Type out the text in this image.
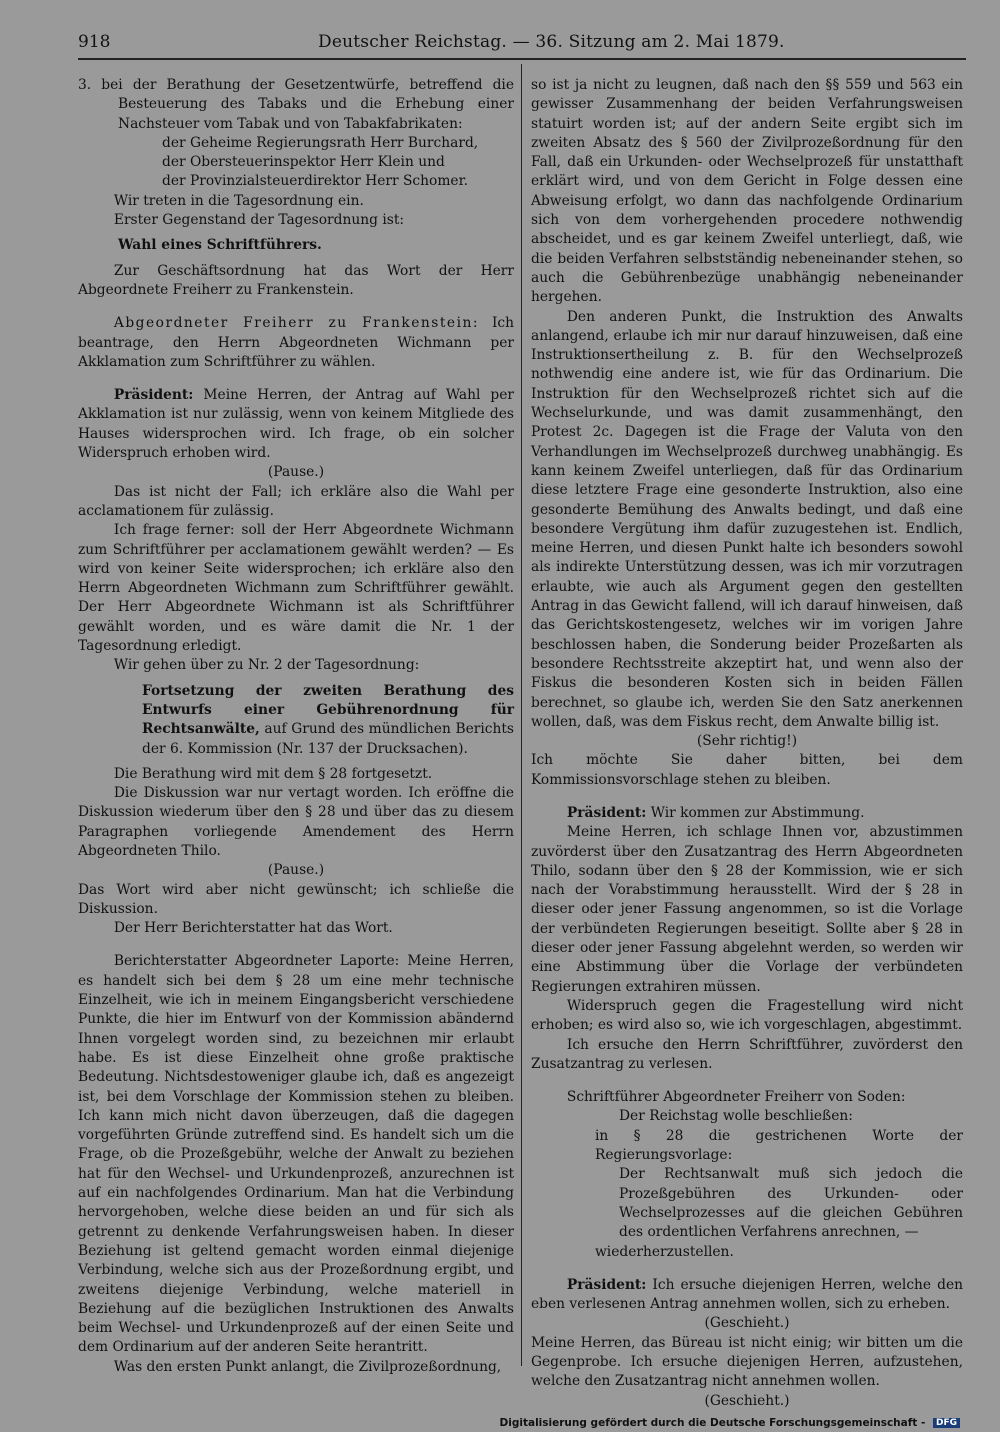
918	Deutscher Reichstag. — 36. Sitzung am 2. Mai 1879.

3. bei der Berathung der Gesetzentwürfe, betreffend die Besteuerung des Tabaks und die Erhebung einer Nachsteuer vom Tabak und von Tabakfabrikaten:

der Geheime Regierungsrath Herr Burchard,

der Obersteuerinspektor Herr Klein und

der Provinzialsteuerdirektor Herr Schomer.

Wir treten in die Tagesordnung ein.

Erster Gegenstand der Tagesordnung ist:

Wahl eines Schriftführers.

Zur Geschäftsordnung hat das Wort der Herr Abgeordnete Freiherr zu Frankenstein.

Abgeordneter Freiherr zu Frankenstein: Ich beantrage, den Herrn Abgeordneten Wichmann per Akklamation zum Schriftführer zu wählen.

Präsident: Meine Herren, der Antrag auf Wahl per Akklamation ist nur zulässig, wenn von keinem Mitgliede des Hauses widersprochen wird. Ich frage, ob ein solcher Widerspruch erhoben wird.

(Pause.)

Das ist nicht der Fall; ich erkläre also die Wahl per acclamationem für zulässig.

Ich frage ferner: soll der Herr Abgeordnete Wichmann zum Schriftführer per acclamationem gewählt werden? — Es wird von keiner Seite widersprochen; ich erkläre also den Herrn Abgeordneten Wichmann zum Schriftführer gewählt. Der Herr Abgeordnete Wichmann ist als Schriftführer gewählt worden, und es wäre damit die Nr. 1 der Tagesordnung erledigt.

Wir gehen über zu Nr. 2 der Tagesordnung:

Fortsetzung der zweiten Berathung des Entwurfs einer Gebührenordnung für Rechtsanwälte, auf Grund des mündlichen Berichts der 6. Kommission (Nr. 137 der Drucksachen).

Die Berathung wird mit dem § 28 fortgesetzt.

Die Diskussion war nur vertagt worden. Ich eröffne die Diskussion wiederum über den § 28 und über das zu diesem Paragraphen vorliegende Amendement des Herrn Abgeordneten Thilo.

(Pause.)

Das Wort wird aber nicht gewünscht; ich schließe die Diskussion.

Der Herr Berichterstatter hat das Wort.

Berichterstatter Abgeordneter Laporte: Meine Herren, es handelt sich bei dem § 28 um eine mehr technische Einzelheit, wie ich in meinem Eingangsbericht verschiedene Punkte, die hier im Entwurf von der Kommission abändernd Ihnen vorgelegt worden sind, zu bezeichnen mir erlaubt habe. Es ist diese Einzelheit ohne große praktische Bedeutung. Nichtsdestoweniger glaube ich, daß es angezeigt ist, bei dem Vorschlage der Kommission stehen zu bleiben. Ich kann mich nicht davon überzeugen, daß die dagegen vorgeführten Gründe zutreffend sind. Es handelt sich um die Frage, ob die Prozeßgebühr, welche der Anwalt zu beziehen hat für den Wechsel- und Urkundenprozeß, anzurechnen ist auf ein nachfolgendes Ordinarium. Man hat die Verbindung hervorgehoben, welche diese beiden an und für sich als getrennt zu denkende Verfahrungsweisen haben. In dieser Beziehung ist geltend gemacht worden einmal diejenige Verbindung, welche sich aus der Prozeßordnung ergibt, und zweitens diejenige Verbindung, welche materiell in Beziehung auf die bezüglichen Instruktionen des Anwalts beim Wechsel- und Urkundenprozeß auf der einen Seite und dem Ordinarium auf der anderen Seite herantritt.

Was den ersten Punkt anlangt, die Zivilprozeßordnung,

so ist ja nicht zu leugnen, daß nach den §§ 559 und 563 ein gewisser Zusammenhang der beiden Verfahrungsweisen statuirt worden ist; auf der andern Seite ergibt sich im zweiten Absatz des § 560 der Zivilprozeßordnung für den Fall, daß ein Urkunden- oder Wechselprozeß für unstatthaft erklärt wird, und von dem Gericht in Folge dessen eine Abweisung erfolgt, wo dann das nachfolgende Ordinarium sich von dem vorhergehenden procedere nothwendig abscheidet, und es gar keinem Zweifel unterliegt, daß, wie die beiden Verfahren selbstständig nebeneinander stehen, so auch die Gebührenbezüge unabhängig nebeneinander hergehen.

Den anderen Punkt, die Instruktion des Anwalts anlangend, erlaube ich mir nur darauf hinzuweisen, daß eine Instruktionsertheilung z. B. für den Wechselprozeß nothwendig eine andere ist, wie für das Ordinarium. Die Instruktion für den Wechselprozeß richtet sich auf die Wechselurkunde, und was damit zusammenhängt, den Protest 2c. Dagegen ist die Frage der Valuta von den Verhandlungen im Wechselprozeß durchweg unabhängig. Es kann keinem Zweifel unterliegen, daß für das Ordinarium diese letztere Frage eine gesonderte Instruktion, also eine gesonderte Bemühung des Anwalts bedingt, und daß eine besondere Vergütung ihm dafür zuzugestehen ist. Endlich, meine Herren, und diesen Punkt halte ich besonders sowohl als indirekte Unterstützung dessen, was ich mir vorzutragen erlaubte, wie auch als Argument gegen den gestellten Antrag in das Gewicht fallend, will ich darauf hinweisen, daß das Gerichtskostengesetz, welches wir im vorigen Jahre beschlossen haben, die Sonderung beider Prozeßarten als besondere Rechtsstreite akzeptirt hat, und wenn also der Fiskus die besonderen Kosten sich in beiden Fällen berechnet, so glaube ich, werden Sie den Satz anerkennen wollen, daß, was dem Fiskus recht, dem Anwalte billig ist.

(Sehr richtig!)

Ich möchte Sie daher bitten, bei dem Kommissionsvorschlage stehen zu bleiben.

Präsident: Wir kommen zur Abstimmung.

Meine Herren, ich schlage Ihnen vor, abzustimmen zuvörderst über den Zusatzantrag des Herrn Abgeordneten Thilo, sodann über den § 28 der Kommission, wie er sich nach der Vorabstimmung herausstellt. Wird der § 28 in dieser oder jener Fassung angenommen, so ist die Vorlage der verbündeten Regierungen beseitigt. Sollte aber § 28 in dieser oder jener Fassung abgelehnt werden, so werden wir eine Abstimmung über die Vorlage der verbündeten Regierungen extrahiren müssen.

Widerspruch gegen die Fragestellung wird nicht erhoben; es wird also so, wie ich vorgeschlagen, abgestimmt.

Ich ersuche den Herrn Schriftführer, zuvörderst den Zusatzantrag zu verlesen.

Schriftführer Abgeordneter Freiherr von Soden:

Der Reichstag wolle beschließen:

in § 28 die gestrichenen Worte der Regierungsvorlage:

Der Rechtsanwalt muß sich jedoch die Prozeßgebühren des Urkunden- oder Wechselprozesses auf die gleichen Gebühren des ordentlichen Verfahrens anrechnen, —

wiederherzustellen.

Präsident: Ich ersuche diejenigen Herren, welche den eben verlesenen Antrag annehmen wollen, sich zu erheben.

(Geschieht.)

Meine Herren, das Büreau ist nicht einig; wir bitten um die Gegenprobe. Ich ersuche diejenigen Herren, aufzustehen, welche den Zusatzantrag nicht annehmen wollen.

(Geschieht.)

Digitalisierung gefördert durch die Deutsche Forschungsgemeinschaft - DFG
